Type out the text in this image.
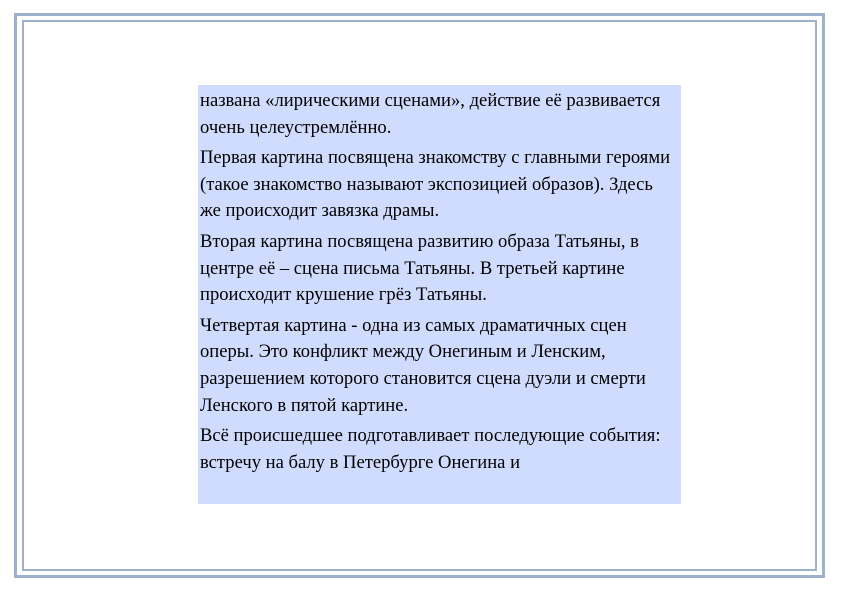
названа «лирическими сценами», действие её развивается очень целеустремлённо.

Первая картина посвящена знакомству с главными героями (такое знакомство называют экспозицией образов). Здесь же происходит завязка драмы.

Вторая картина посвящена развитию образа Татьяны, в центре её – сцена письма Татьяны. В третьей картине происходит крушение грёз Татьяны.

Четвертая картина - одна из самых драматичных сцен оперы. Это конфликт между Онегиным и Ленским, разрешением которого становится сцена дуэли и смерти Ленского в пятой картине.

Всё происшедшее подготавливает последующие события: встречу на балу в Петербурге Онегина и
